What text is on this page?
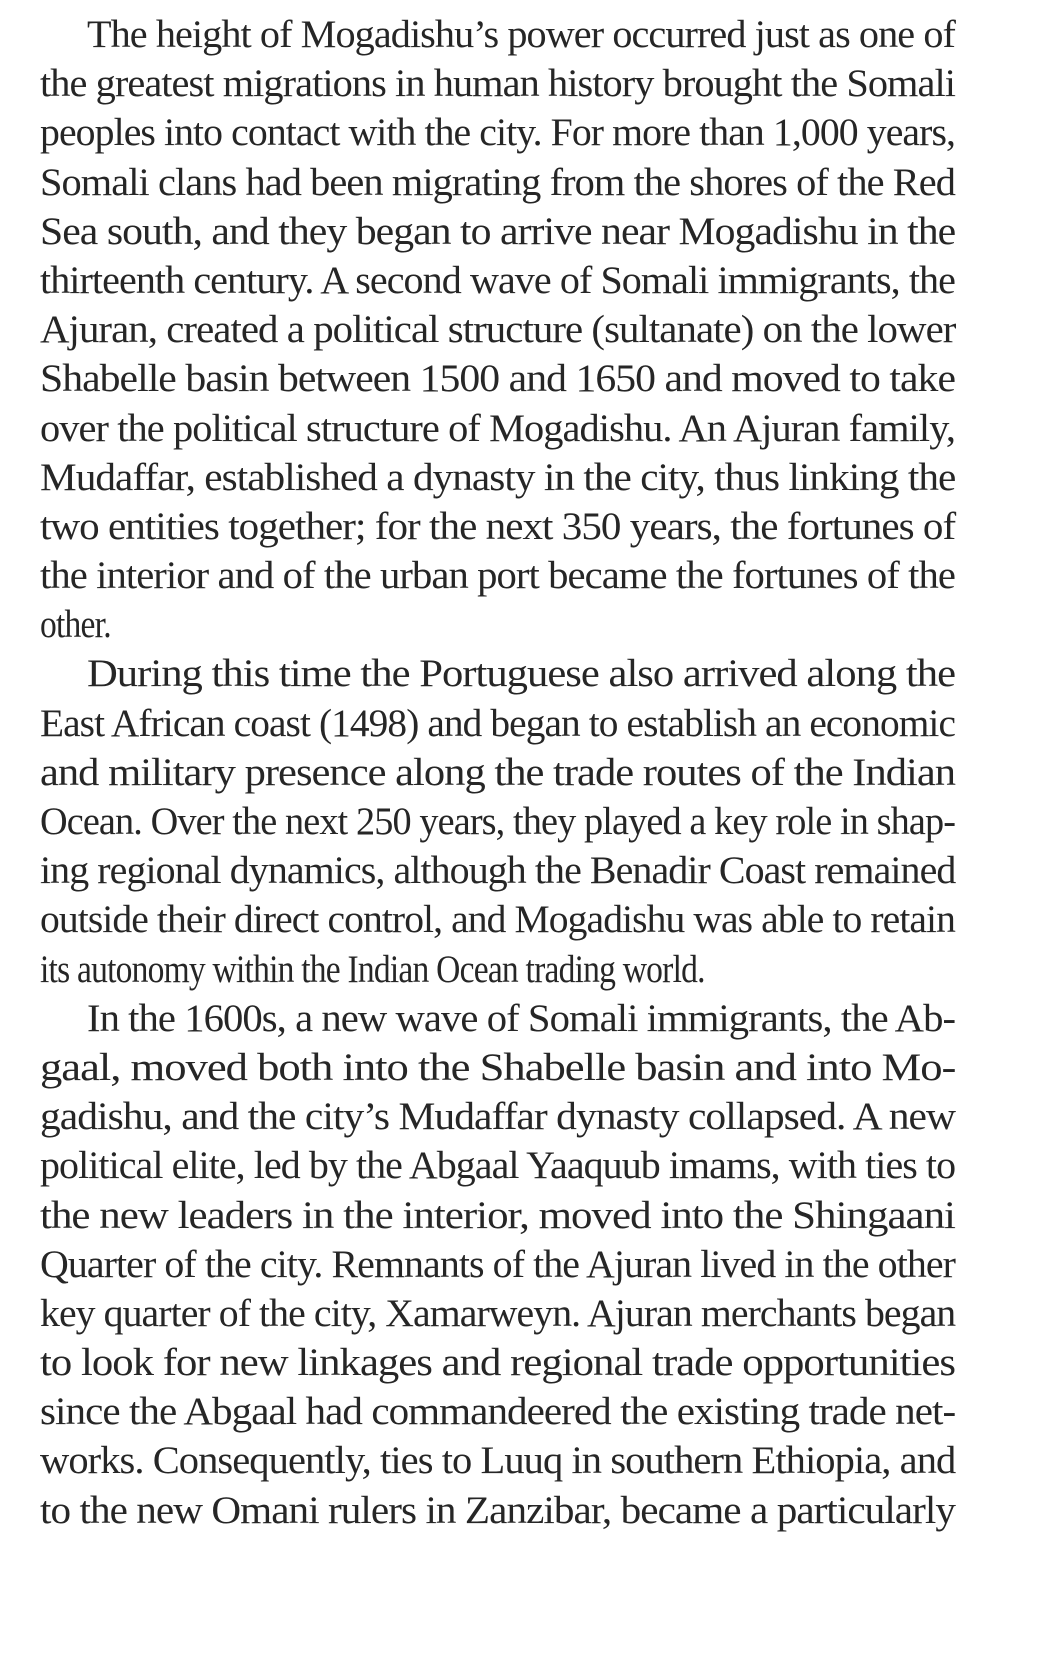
The height of Mogadishu’s power occurred just as one of
the greatest migrations in human history brought the Somali
peoples into contact with the city. For more than 1,000 years,
Somali clans had been migrating from the shores of the Red
Sea south, and they began to arrive near Mogadishu in the
thirteenth century. A second wave of Somali immigrants, the
Ajuran, created a political structure (sultanate) on the lower
Shabelle basin between 1500 and 1650 and moved to take
over the political structure of Mogadishu. An Ajuran family,
Mudaffar, established a dynasty in the city, thus linking the
two entities together; for the next 350 years, the fortunes of
the interior and of the urban port became the fortunes of the
other.
During this time the Portuguese also arrived along the
East African coast (1498) and began to establish an economic
and military presence along the trade routes of the Indian
Ocean. Over the next 250 years, they played a key role in shap-
ing regional dynamics, although the Benadir Coast remained
outside their direct control, and Mogadishu was able to retain
its autonomy within the Indian Ocean trading world.
In the 1600s, a new wave of Somali immigrants, the Ab-
gaal, moved both into the Shabelle basin and into Mo-
gadishu, and the city’s Mudaffar dynasty collapsed. A new
political elite, led by the Abgaal Yaaquub imams, with ties to
the new leaders in the interior, moved into the Shingaani
Quarter of the city. Remnants of the Ajuran lived in the other
key quarter of the city, Xamarweyn. Ajuran merchants began
to look for new linkages and regional trade opportunities
since the Abgaal had commandeered the existing trade net-
works. Consequently, ties to Luuq in southern Ethiopia, and
to the new Omani rulers in Zanzibar, became a particularly
